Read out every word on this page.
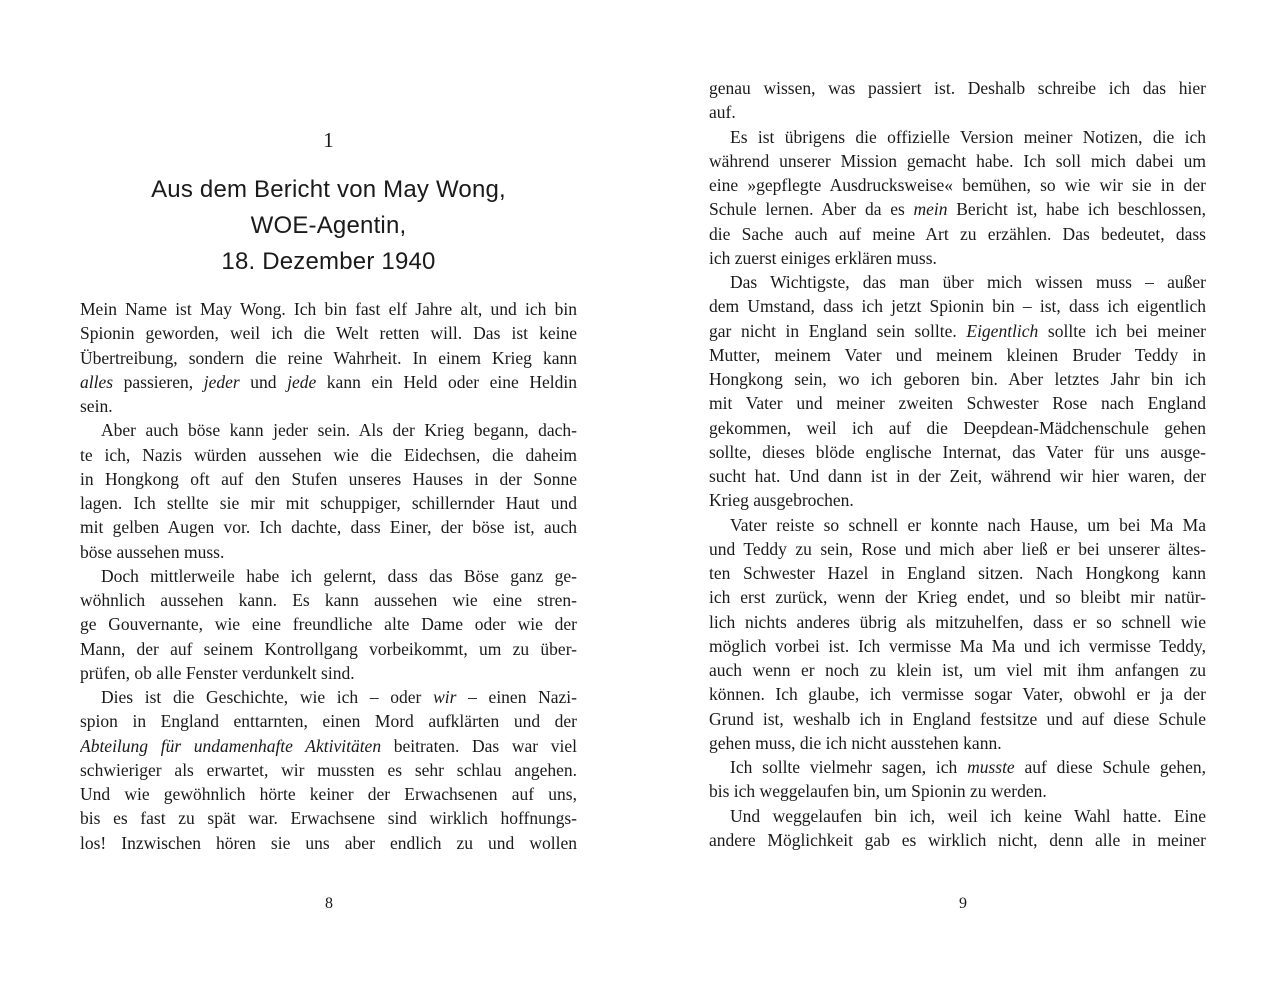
1
Aus dem Bericht von May Wong,
WOE-Agentin,
18. Dezember 1940
Mein Name ist May Wong. Ich bin fast elf Jahre alt, und ich bin
Spionin geworden, weil ich die Welt retten will. Das ist keine
Übertreibung, sondern die reine Wahrheit. In einem Krieg kann
alles passieren, jeder und jede kann ein Held oder eine Heldin
sein.
Aber auch böse kann jeder sein. Als der Krieg begann, dach-
te ich, Nazis würden aussehen wie die Eidechsen, die daheim
in Hongkong oft auf den Stufen unseres Hauses in der Sonne
lagen. Ich stellte sie mir mit schuppiger, schillernder Haut und
mit gelben Augen vor. Ich dachte, dass Einer, der böse ist, auch
böse aussehen muss.
Doch mittlerweile habe ich gelernt, dass das Böse ganz ge-
wöhnlich aussehen kann. Es kann aussehen wie eine stren-
ge Gouvernante, wie eine freundliche alte Dame oder wie der
Mann, der auf seinem Kontrollgang vorbeikommt, um zu über-
prüfen, ob alle Fenster verdunkelt sind.
Dies ist die Geschichte, wie ich – oder wir – einen Nazi-
spion in England enttarnten, einen Mord aufklärten und der
Abteilung für undamenhafte Aktivitäten beitraten. Das war viel
schwieriger als erwartet, wir mussten es sehr schlau angehen.
Und wie gewöhnlich hörte keiner der Erwachsenen auf uns,
bis es fast zu spät war. Erwachsene sind wirklich hoffnungs-
los! Inzwischen hören sie uns aber endlich zu und wollen
8
genau wissen, was passiert ist. Deshalb schreibe ich das hier
auf.
Es ist übrigens die offizielle Version meiner Notizen, die ich
während unserer Mission gemacht habe. Ich soll mich dabei um
eine »gepflegte Ausdrucksweise« bemühen, so wie wir sie in der
Schule lernen. Aber da es mein Bericht ist, habe ich beschlossen,
die Sache auch auf meine Art zu erzählen. Das bedeutet, dass
ich zuerst einiges erklären muss.
Das Wichtigste, das man über mich wissen muss – außer
dem Umstand, dass ich jetzt Spionin bin – ist, dass ich eigentlich
gar nicht in England sein sollte. Eigentlich sollte ich bei meiner
Mutter, meinem Vater und meinem kleinen Bruder Teddy in
Hongkong sein, wo ich geboren bin. Aber letztes Jahr bin ich
mit Vater und meiner zweiten Schwester Rose nach England
gekommen, weil ich auf die Deepdean-Mädchenschule gehen
sollte, dieses blöde englische Internat, das Vater für uns ausge-
sucht hat. Und dann ist in der Zeit, während wir hier waren, der
Krieg ausgebrochen.
Vater reiste so schnell er konnte nach Hause, um bei Ma Ma
und Teddy zu sein, Rose und mich aber ließ er bei unserer ältes-
ten Schwester Hazel in England sitzen. Nach Hongkong kann
ich erst zurück, wenn der Krieg endet, und so bleibt mir natür-
lich nichts anderes übrig als mitzuhelfen, dass er so schnell wie
möglich vorbei ist. Ich vermisse Ma Ma und ich vermisse Teddy,
auch wenn er noch zu klein ist, um viel mit ihm anfangen zu
können. Ich glaube, ich vermisse sogar Vater, obwohl er ja der
Grund ist, weshalb ich in England festsitze und auf diese Schule
gehen muss, die ich nicht ausstehen kann.
Ich sollte vielmehr sagen, ich musste auf diese Schule gehen,
bis ich weggelaufen bin, um Spionin zu werden.
Und weggelaufen bin ich, weil ich keine Wahl hatte. Eine
andere Möglichkeit gab es wirklich nicht, denn alle in meiner
9
